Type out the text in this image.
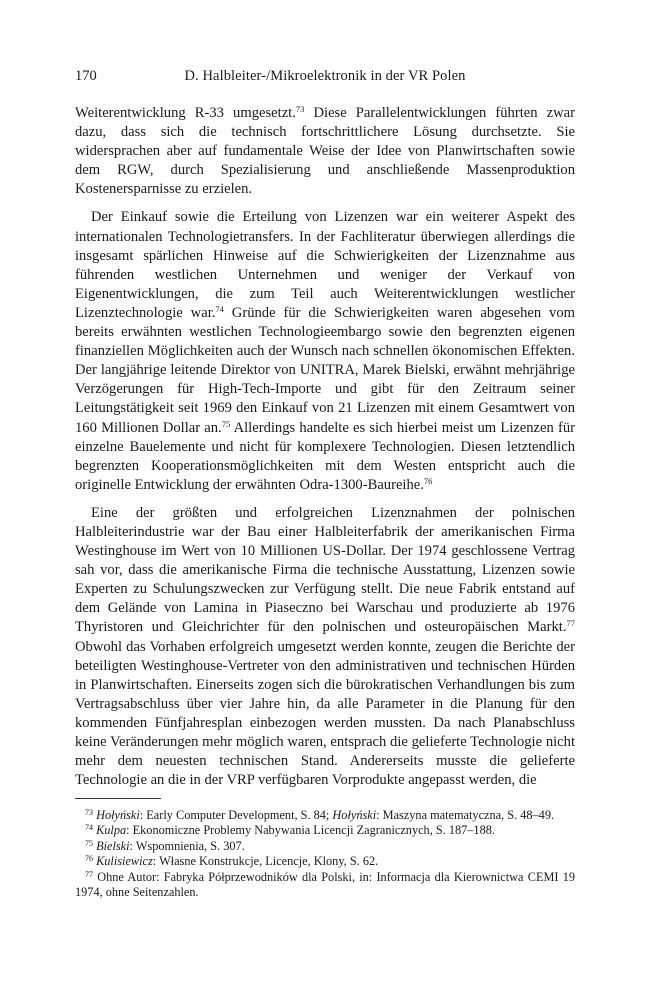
170	D. Halbleiter-/Mikroelektronik in der VR Polen

Weiterentwicklung R-33 umgesetzt.$^{73}$ Diese Parallelentwicklungen führten zwar dazu, dass sich die technisch fortschrittlichere Lösung durchsetzte. Sie widersprachen aber auf fundamentale Weise der Idee von Planwirtschaften sowie dem RGW, durch Spezialisierung und anschließende Massenproduktion Kostenersparnisse zu erzielen.

Der Einkauf sowie die Erteilung von Lizenzen war ein weiterer Aspekt des internationalen Technologietransfers. In der Fachliteratur überwiegen allerdings die insgesamt spärlichen Hinweise auf die Schwierigkeiten der Lizenznahme aus führenden westlichen Unternehmen und weniger der Verkauf von Eigenentwicklungen, die zum Teil auch Weiterentwicklungen westlicher Lizenztechnologie war.$^{74}$ Gründe für die Schwierigkeiten waren abgesehen vom bereits erwähnten westlichen Technologieembargo sowie den begrenzten eigenen finanziellen Möglichkeiten auch der Wunsch nach schnellen ökonomischen Effekten. Der langjährige leitende Direktor von UNITRA, Marek Bielski, erwähnt mehrjährige Verzögerungen für High-Tech-Importe und gibt für den Zeitraum seiner Leitungstätigkeit seit 1969 den Einkauf von 21 Lizenzen mit einem Gesamtwert von 160 Millionen Dollar an.$^{75}$ Allerdings handelte es sich hierbei meist um Lizenzen für einzelne Bauelemente und nicht für komplexere Technologien. Diesen letztendlich begrenzten Kooperationsmöglichkeiten mit dem Westen entspricht auch die originelle Entwicklung der erwähnten Odra-1300-Baureihe.$^{76}$

Eine der größten und erfolgreichen Lizenznahmen der polnischen Halbleiterindustrie war der Bau einer Halbleiterfabrik der amerikanischen Firma Westinghouse im Wert von 10 Millionen US-Dollar. Der 1974 geschlossene Vertrag sah vor, dass die amerikanische Firma die technische Ausstattung, Lizenzen sowie Experten zu Schulungszwecken zur Verfügung stellt. Die neue Fabrik entstand auf dem Gelände von Lamina in Piaseczno bei Warschau und produzierte ab 1976 Thyristoren und Gleichrichter für den polnischen und osteuropäischen Markt.$^{77}$ Obwohl das Vorhaben erfolgreich umgesetzt werden konnte, zeugen die Berichte der beteiligten Westinghouse-Vertreter von den administrativen und technischen Hürden in Planwirtschaften. Einerseits zogen sich die bürokratischen Verhandlungen bis zum Vertragsabschluss über vier Jahre hin, da alle Parameter in die Planung für den kommenden Fünfjahresplan einbezogen werden mussten. Da nach Planabschluss keine Veränderungen mehr möglich waren, entsprach die gelieferte Technologie nicht mehr dem neuesten technischen Stand. Andererseits musste die gelieferte Technologie an die in der VRP verfügbaren Vorprodukte angepasst werden, die

$^{73}$ Hołyński: Early Computer Development, S. 84; Hołyński: Maszyna matematyczna, S. 48–49.

$^{74}$ Kulpa: Ekonomiczne Problemy Nabywania Licencji Zagranicznych, S. 187–188.

$^{75}$ Bielski: Wspomnienia, S. 307.

$^{76}$ Kulisiewicz: Własne Konstrukcje, Licencje, Klony, S. 62.

$^{77}$ Ohne Autor: Fabryka Półprzewodników dla Polski, in: Informacja dla Kierownictwa CEMI 19 1974, ohne Seitenzahlen.
